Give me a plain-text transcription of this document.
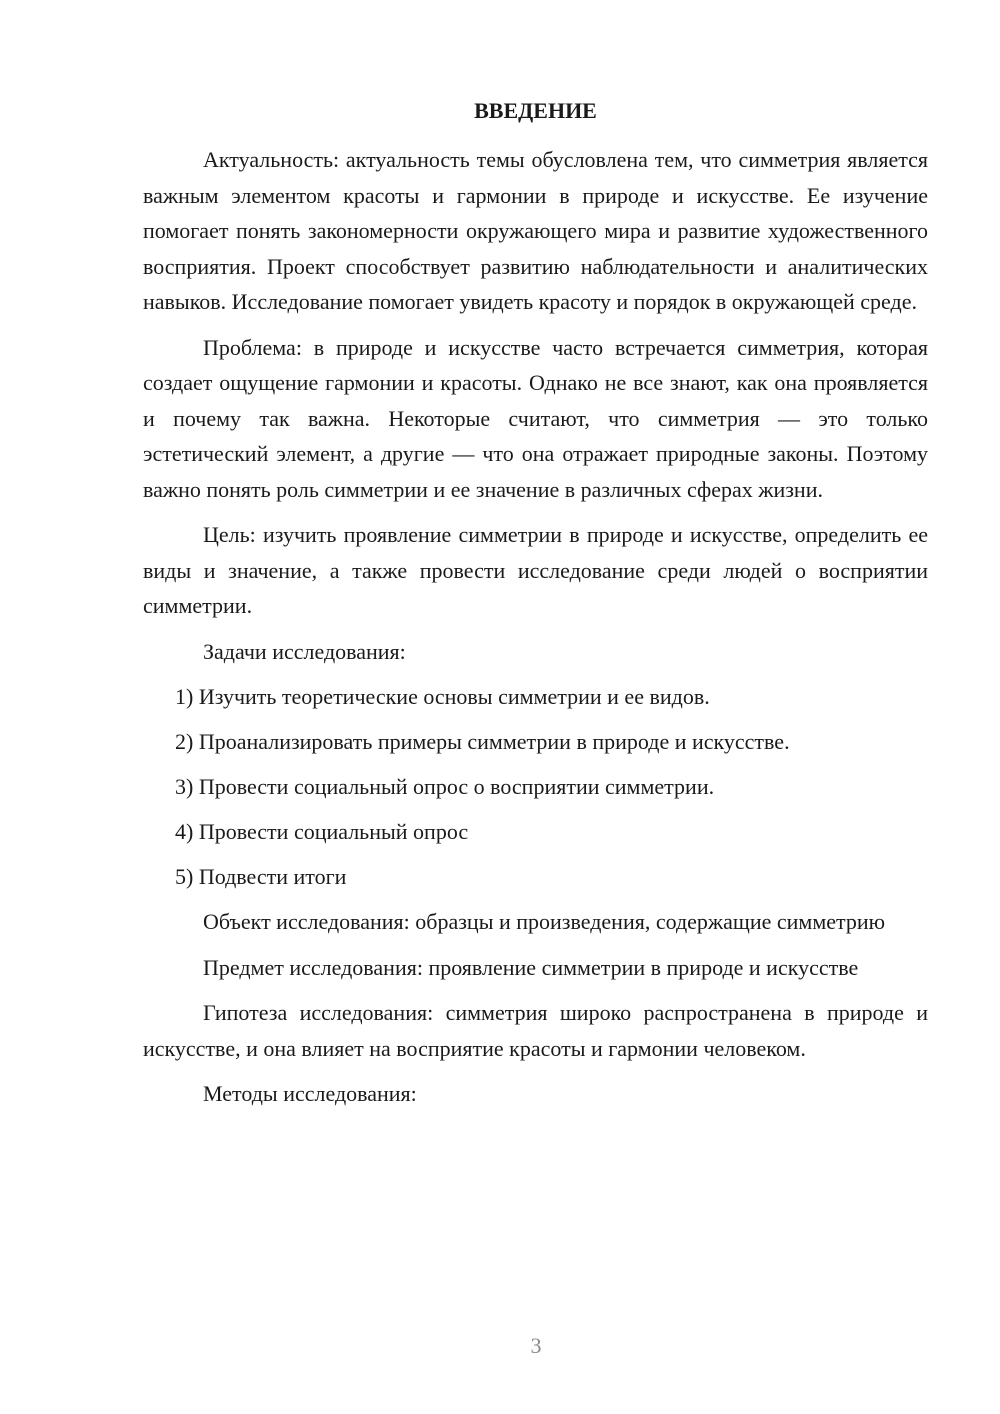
ВВЕДЕНИЕ

Актуальность: актуальность темы обусловлена тем, что симметрия является важным элементом красоты и гармонии в природе и искусстве. Ее изучение помогает понять закономерности окружающего мира и развитие художественного восприятия. Проект способствует развитию наблюдательности и аналитических навыков. Исследование помогает увидеть красоту и порядок в окружающей среде.

Проблема: в природе и искусстве часто встречается симметрия, которая создает ощущение гармонии и красоты. Однако не все знают, как она проявляется и почему так важна. Некоторые считают, что симметрия — это только эстетический элемент, а другие — что она отражает природные законы. Поэтому важно понять роль симметрии и ее значение в различных сферах жизни.

Цель: изучить проявление симметрии в природе и искусстве, определить ее виды и значение, а также провести исследование среди людей о восприятии симметрии.

Задачи исследования:

1) Изучить теоретические основы симметрии и ее видов.
2) Проанализировать примеры симметрии в природе и искусстве.
3) Провести социальный опрос о восприятии симметрии.
4) Провести социальный опрос
5) Подвести итоги

Объект исследования: образцы и произведения, содержащие симметрию

Предмет исследования: проявление симметрии в природе и искусстве

Гипотеза исследования: симметрия широко распространена в природе и искусстве, и она влияет на восприятие красоты и гармонии человеком.

Методы исследования:

3
